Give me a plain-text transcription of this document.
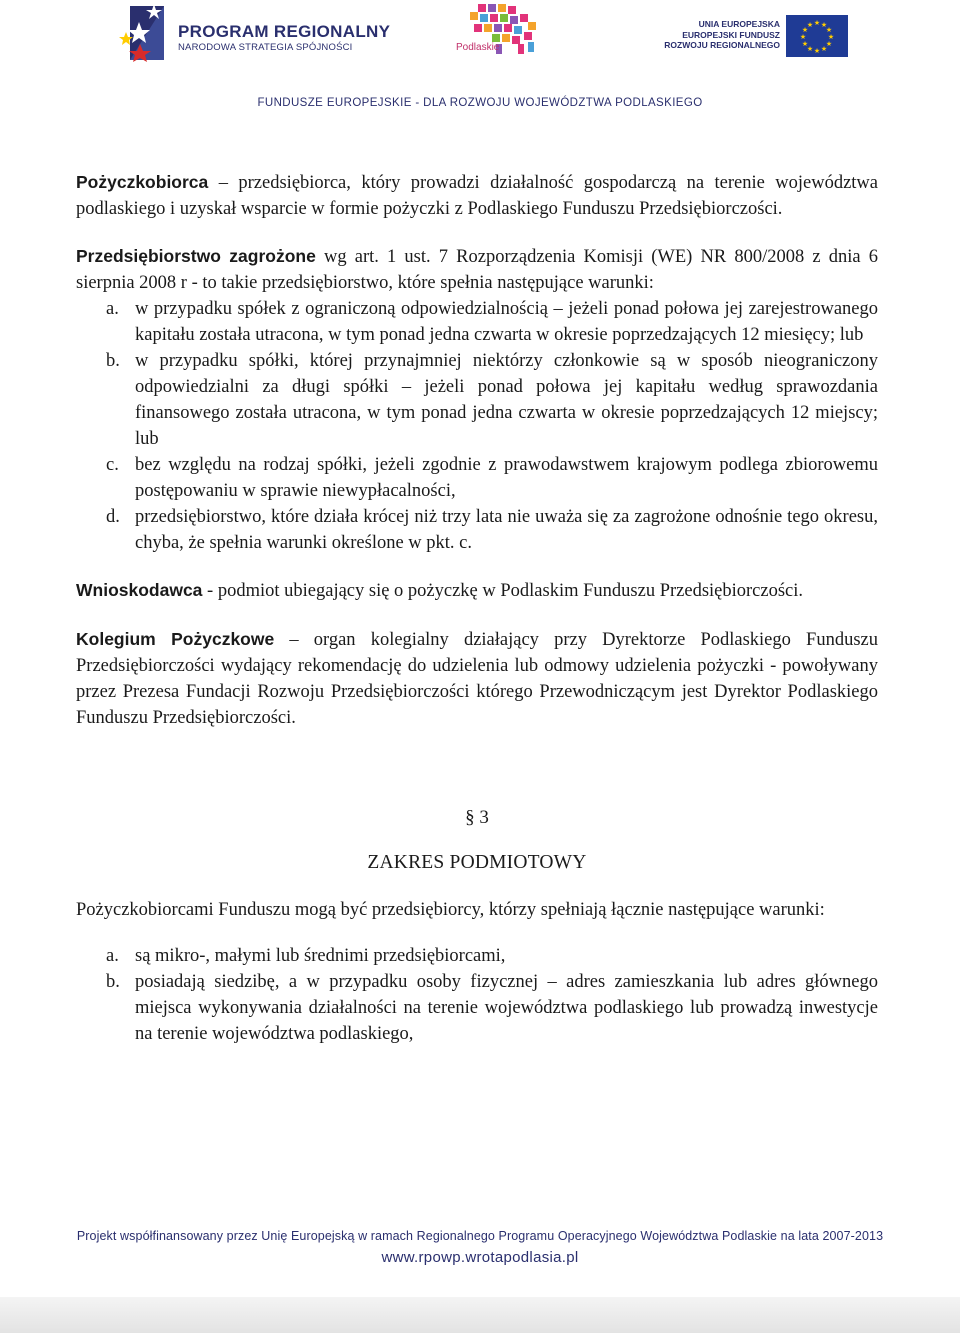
PROGRAM REGIONALNY
NARODOWA STRATEGIA SPÓJNOŚCI	Podlaskie
UNIA EUROPEJSKA
EUROPEJSKI FUNDUSZ
ROZWOJU REGIONALNEGO
★ ★
★
★
★
★
★
★
★
★
★
★
FUNDUSZE EUROPEJSKIE - DLA ROZWOJU WOJEWÓDZTWA PODLASKIEGO

Pożyczkobiorca – przedsiębiorca, który prowadzi działalność gospodarczą na terenie województwa podlaskiego i uzyskał wsparcie w formie pożyczki z Podlaskiego Funduszu Przedsiębiorczości.

Przedsiębiorstwo zagrożone wg art. 1 ust. 7 Rozporządzenia Komisji (WE) NR 800/2008 z dnia 6 sierpnia 2008 r - to takie przedsiębiorstwo, które spełnia następujące warunki:

a. w przypadku spółek z ograniczoną odpowiedzialnością – jeżeli ponad połowa jej zarejestrowanego kapitału została utracona, w tym ponad jedna czwarta w okresie poprzedzających 12 miesięcy; lub
b. w przypadku spółki, której przynajmniej niektórzy członkowie są w sposób nieograniczony odpowiedzialni za długi spółki – jeżeli ponad połowa jej kapitału według sprawozdania finansowego została utracona, w tym ponad jedna czwarta w okresie poprzedzających 12 miejscy; lub
c. bez względu na rodzaj spółki, jeżeli zgodnie z prawodawstwem krajowym podlega zbiorowemu postępowaniu w sprawie niewypłacalności,
d. przedsiębiorstwo, które działa krócej niż trzy lata nie uważa się za zagrożone odnośnie tego okresu, chyba, że spełnia warunki określone w pkt. c.

Wnioskodawca - podmiot ubiegający się o pożyczkę w Podlaskim Funduszu Przedsiębiorczości.

Kolegium Pożyczkowe – organ kolegialny działający przy Dyrektorze Podlaskiego Funduszu Przedsiębiorczości wydający rekomendację do udzielenia lub odmowy udzielenia pożyczki - powoływany przez Prezesa Fundacji Rozwoju Przedsiębiorczości którego Przewodniczącym jest Dyrektor Podlaskiego Funduszu Przedsiębiorczości.

§ 3
ZAKRES PODMIOTOWY

Pożyczkobiorcami Funduszu mogą być przedsiębiorcy, którzy spełniają łącznie następujące warunki:

a. są mikro-, małymi lub średnimi przedsiębiorcami,
b. posiadają siedzibę, a w przypadku osoby fizycznej – adres zamieszkania lub adres głównego miejsca wykonywania działalności na terenie województwa podlaskiego lub prowadzą inwestycje na terenie województwa podlaskiego,
Projekt współfinansowany przez Unię Europejską w ramach Regionalnego Programu Operacyjnego Województwa Podlaskie na lata 2007-2013
www.rpowp.wrotapodlasia.pl
